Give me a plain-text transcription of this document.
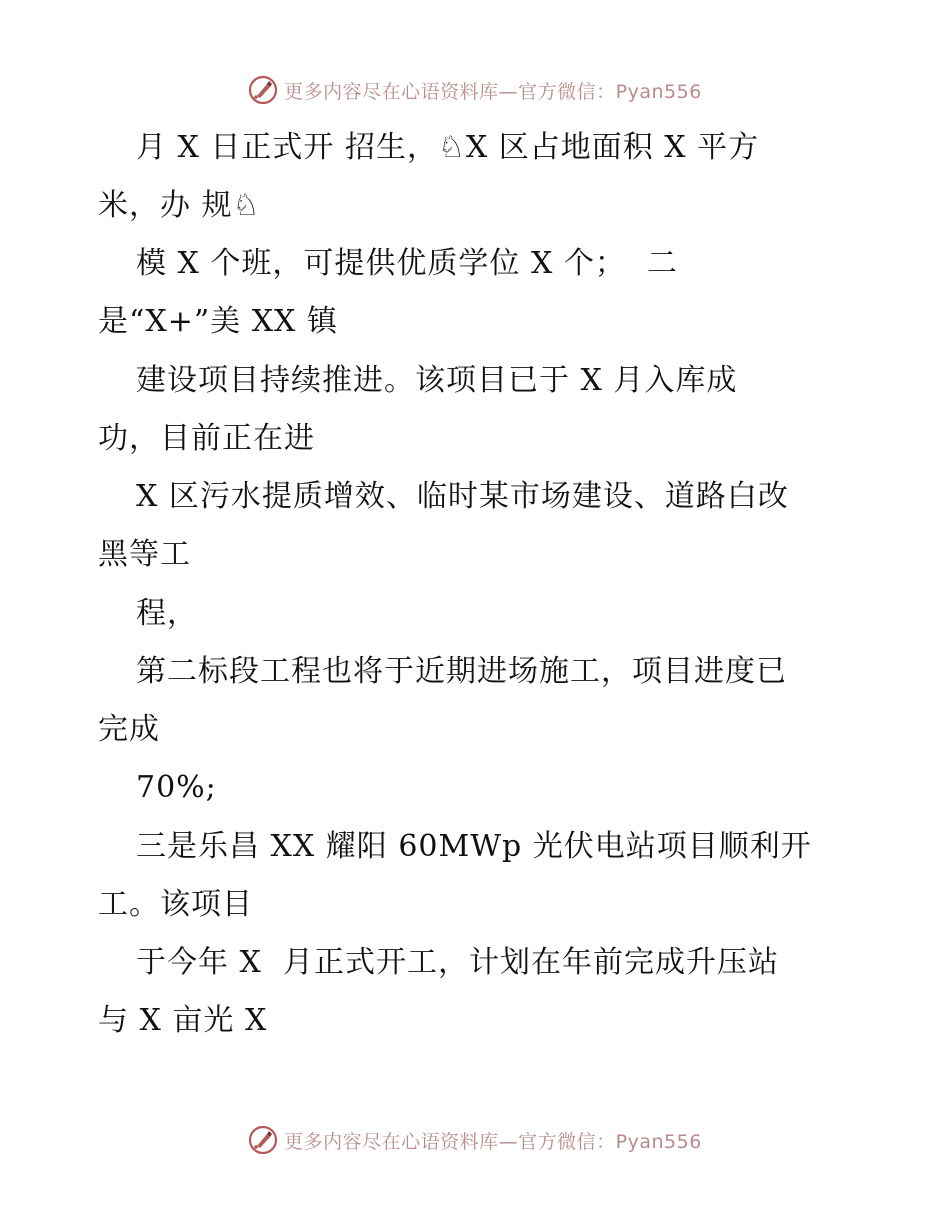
更多内容尽在心语资料库—官方微信：Pyan556
月 X 日正式开 招生，♘X 区占地面积 X 平方
米，办 规♘
模 X 个班，可提供优质学位 X 个；  二
是“X+”美 XX 镇
建设项目持续推进。该项目已于 X 月入库成
功，目前正在进
X 区污水提质增效、临时某市场建设、道路白改
黑等工
程，
第二标段工程也将于近期进场施工，项目进度已
完成
70%;
三是乐昌 XX 耀阳 60MWp 光伏电站项目顺利开
工。该项目
于今年 X  月正式开工，计划在年前完成升压站
与 X 亩光 X
更多内容尽在心语资料库—官方微信：Pyan556
